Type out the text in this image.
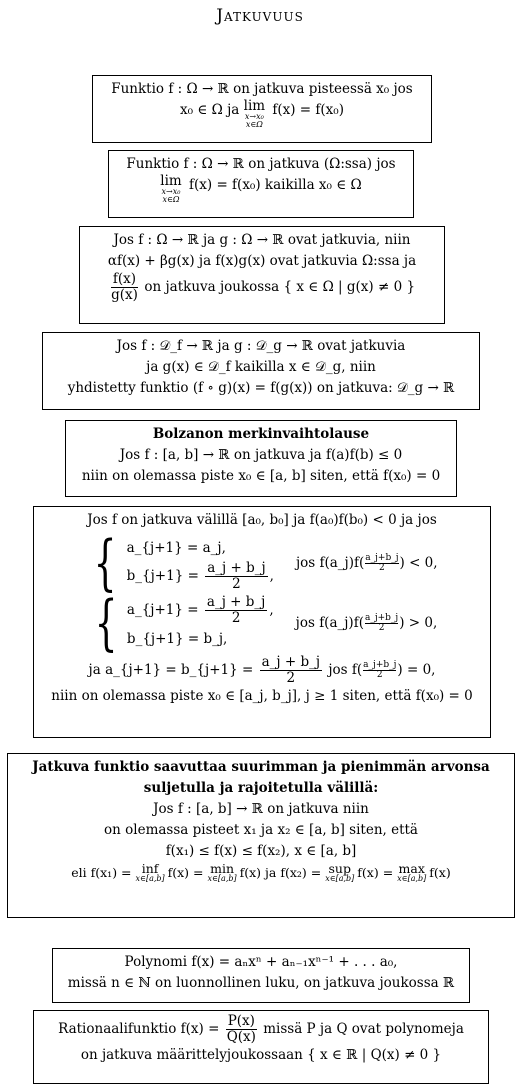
Jatkuvuus
Funktio f : Ω → ℝ on jatkuva pisteessä x₀ jos
x₀ ∈ Ω ja lim
x→x₀
x∈Ω
f(x) = f(x₀)
Funktio f : Ω → ℝ on jatkuva (Ω:ssa) jos
lim
x→x₀
x∈Ω
f(x) = f(x₀) kaikilla x₀ ∈ Ω
Jos f : Ω → ℝ ja g : Ω → ℝ ovat jatkuvia, niin
αf(x) + βg(x) ja f(x)g(x) ovat jatkuvia Ω:ssa ja
$\frac{f(x)}{g(x)}$ on jatkuva joukossa { x ∈ Ω | g(x) ≠ 0 }
Jos f : 𝒟_f → ℝ ja g : 𝒟_g → ℝ ovat jatkuvia
ja g(x) ∈ 𝒟_f kaikilla x ∈ 𝒟_g, niin
yhdistetty funktio (f ∘ g)(x) = f(g(x)) on jatkuva: 𝒟_g → ℝ
Bolzanon merkinvaihtolause
Jos f : [a, b] → ℝ on jatkuva ja f(a)f(b) ≤ 0
niin on olemassa piste x₀ ∈ [a, b] siten, että f(x₀) = 0
Jos f on jatkuva välillä [a₀, b₀] ja f(a₀)f(b₀) < 0 ja jos
{ a_{j+1} = a_j,
b_{j+1} = $\frac{a\_j + b\_j}{2}$ ,
jos f(a_j)f( $\frac{a\_j+b\_j}{2}$ ) < 0,
{ a_{j+1} = $\frac{a\_j + b\_j}{2}$ ,
b_{j+1} = b_j,
jos f(a_j)f( $\frac{a\_j+b\_j}{2}$ ) > 0,
ja a_{j+1} = b_{j+1} = $\frac{a\_j + b\_j}{2}$ jos $f( \frac{a\_j+b\_j}{2}$ ) = 0,
niin on olemassa piste x₀ ∈ [a_j, b_j], j ≥ 1 siten, että f(x₀) = 0
Jatkuva funktio saavuttaa suurimman ja pienimmän arvonsa
suljetulla ja rajoitetulla välillä:
Jos f : [a, b] → ℝ on jatkuva niin
on olemassa pisteet x₁ ja x₂ ∈ [a, b] siten, että
f(x₁) ≤ f(x) ≤ f(x₂), x ∈ [a, b]
eli f(x₁) = inf
x∈[a,b] f(x) = min
x∈[a,b] f(x) ja f(x₂) = sup
x∈[a,b] f(x) = max
x∈[a,b] f(x)
Polynomi f(x) = aₙxⁿ + aₙ₋₁xⁿ⁻¹ + . . . a₀,
missä n ∈ ℕ on luonnollinen luku, on jatkuva joukossa ℝ
Rationaalifunktio $f(x) = \frac{P(x)}{Q(x)}$ missä P ja Q ovat polynomeja
on jatkuva määrittelyjoukossaan { x ∈ ℝ | Q(x) ≠ 0 }
